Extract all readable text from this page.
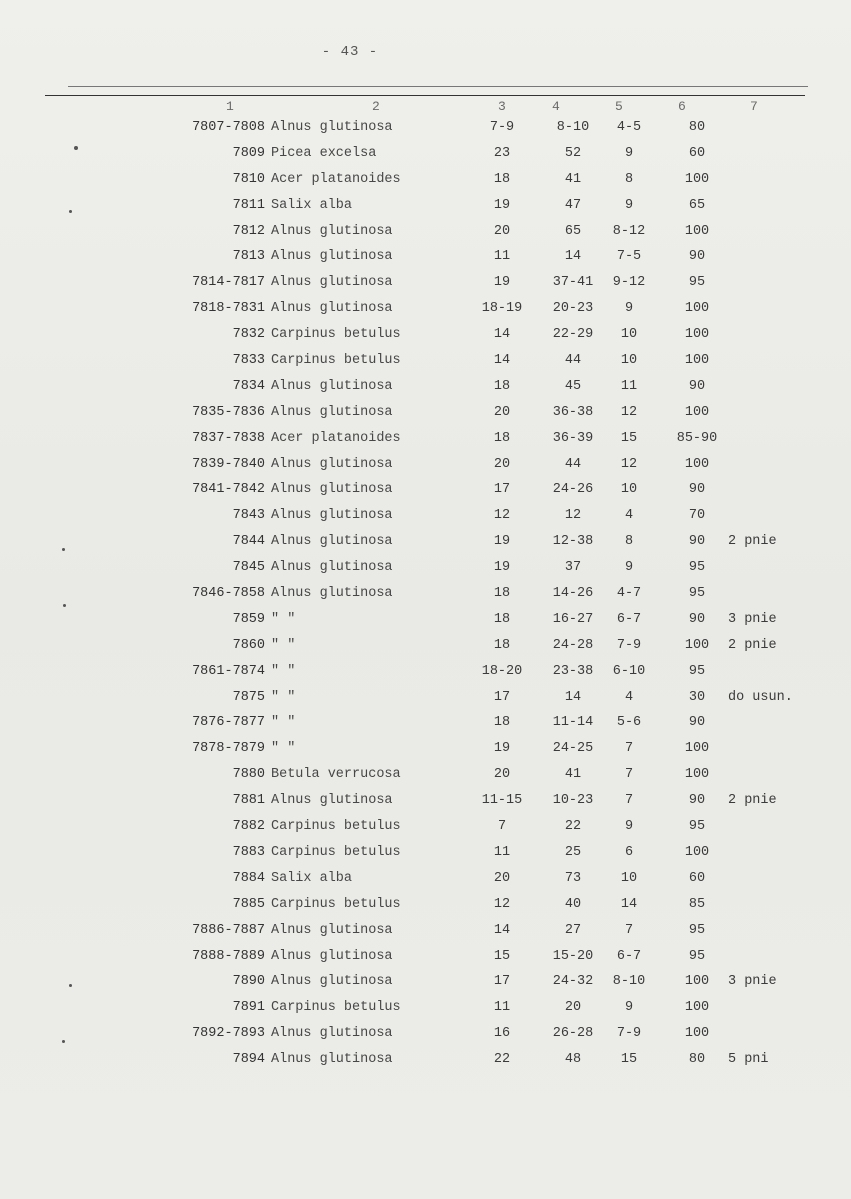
- 43 -
1	2	3	4	5	6	7
7807-7808 Alnus glutinosa	7-9	8-10	4-5	80
7809 Picea excelsa	23	52	9	60
7810 Acer platanoides	18	41	8	100
7811 Salix alba	19	47	9	65
7812 Alnus glutinosa	20	65	8-12	100
7813 Alnus glutinosa	11	14	7-5	90
7814-7817 Alnus glutinosa	19	37-41	9-12	95
7818-7831 Alnus glutinosa	18-19	20-23	9	100
7832 Carpinus betulus	14	22-29	10	100
7833 Carpinus betulus	14	44	10	100
7834 Alnus glutinosa	18	45	11	90
7835-7836 Alnus glutinosa	20	36-38	12	100
7837-7838 Acer platanoides	18	36-39	15	85-90
7839-7840 Alnus glutinosa	20	44	12	100
7841-7842 Alnus glutinosa	17	24-26	10	90
7843 Alnus glutinosa	12	12	4	70
7844 Alnus glutinosa	19	12-38	8	90	2 pnie
7845 Alnus glutinosa	19	37	9	95
7846-7858 Alnus glutinosa	18	14-26	4-7	95
7859 " "	18	16-27	6-7	90	3 pnie
7860 " "	18	24-28	7-9	100	2 pnie
7861-7874 " "	18-20	23-38	6-10	95
7875 " "	17	14	4	30	do usun.
7876-7877 " "	18	11-14	5-6	90
7878-7879 " "	19	24-25	7	100
7880 Betula verrucosa	20	41	7	100
7881 Alnus glutinosa	11-15	10-23	7	90	2 pnie
7882 Carpinus betulus	7	22	9	95
7883 Carpinus betulus	11	25	6	100
7884 Salix alba	20	73	10	60
7885 Carpinus betulus	12	40	14	85
7886-7887 Alnus glutinosa	14	27	7	95
7888-7889 Alnus glutinosa	15	15-20	6-7	95
7890 Alnus glutinosa	17	24-32	8-10	100	3 pnie
7891 Carpinus betulus	11	20	9	100
7892-7893 Alnus glutinosa	16	26-28	7-9	100
7894 Alnus glutinosa	22	48	15	80	5 pni
